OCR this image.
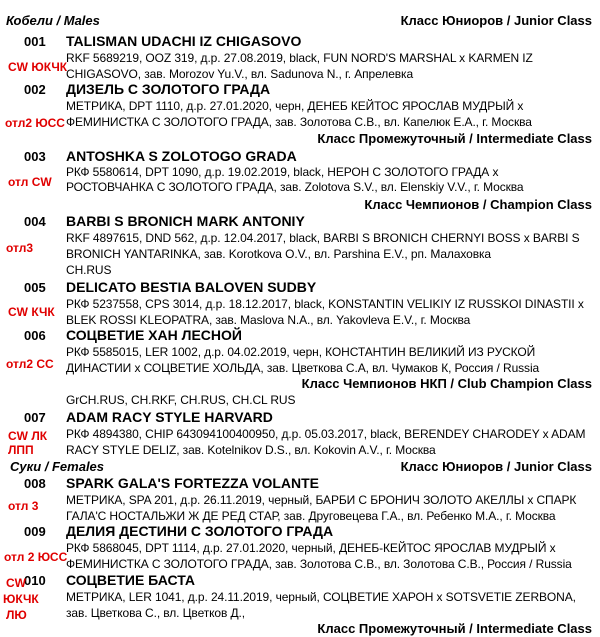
Кобели / Males	Класс Юниоров / Junior Class
001 TALISMAN UDACHI IZ CHIGASOVO
RKF 5689219, OOZ 319, д.р. 27.08.2019, black, FUN NORD'S MARSHAL x KARMEN IZ
CHIGASOVO, зав. Morozov Yu.V., вл. Sadunova N., г. Апрелевка
CW ЮКЧК
002 ДИЗЕЛЬ С ЗОЛОТОГО ГРАДА
МЕТРИКА, DPT 1110, д.р. 27.01.2020, черн, ДЕНЕБ КЕЙТОС ЯРОСЛАВ МУДРЫЙ x
ФЕМИНИСТКА С ЗОЛОТОГО ГРАДА, зав. Золотова С.В., вл. Капелюк Е.А., г. Москва
отл2 ЮСС
Класс Промежуточный / Intermediate Class
003 ANTOSHKA S ZOLOTOGO GRADA
РКФ 5580614, DPT 1090, д.р. 19.02.2019, black, НЕРОН С ЗОЛОТОГО ГРАДА x
РОСТОВЧАНКА С ЗОЛОТОГО ГРАДА, зав. Zolotova S.V., вл. Elenskiy V.V., г. Москва
отл CW
Класс Чемпионов / Champion Class
004 BARBI S BRONICH MARK ANTONIY
RKF 4897615, DND 562, д.р. 12.04.2017, black, BARBI S BRONICH CHERNYI BOSS x BARBI S
BRONICH YANTARINKA, зав. Korotkova O.V., вл. Parshina E.V., рп. Малаховка
CH.RUS
отл3
005 DELICATO BESTIA BALOVEN SUDBY
РКФ 5237558, CPS 3014, д.р. 18.12.2017, black, KONSTANTIN VELIKIY IZ RUSSKOI DINASTII x
BLEK ROSSI KLEOPATRA, зав. Maslova N.A., вл. Yakovleva E.V., г. Москва
CW КЧК
006 СОЦВЕТИЕ ХАН ЛЕСНОЙ
РКФ 5585015, LER 1002, д.р. 04.02.2019, черн, КОНСТАНТИН ВЕЛИКИЙ ИЗ РУСКОЙ
ДИНАСТИИ x СОЦВЕТИЕ ХОЛЬДА, зав. Цветкова С.А, вл. Чумаков К, Россия / Russia
отл2 СС
Класс Чемпионов НКП / Club Champion Class
GrCH.RUS, CH.RKF, CH.RUS, CH.CL RUS
007 ADAM RACY STYLE HARVARD
РКФ 4894380, CHIP 643094100400950, д.р. 05.03.2017, black, BERENDEY CHARODEY x ADAM
RACY STYLE DELIZ, зав. Kotelnikov D.S., вл. Kokovin A.V., г. Москва
CW ЛК
ЛПП
Суки / Females	Класс Юниоров / Junior Class
008 SPARK GALA'S FORTEZZA VOLANTE
МЕТРИКА, SPA 201, д.р. 26.11.2019, черный, БАРБИ С БРОНИЧ ЗОЛОТО АКЕЛЛЫ x СПАРК
ГАЛА'С НОСТАЛЬЖИ Ж ДЕ РЕД СТАР, зав. Друговецева Г.А., вл. Ребенко М.А., г. Москва
отл 3
009 ДЕЛИЯ ДЕСТИНИ С ЗОЛОТОГО ГРАДА
РКФ 5868045, DPT 1114, д.р. 27.01.2020, черный, ДЕНЕБ-КЕЙТОС ЯРОСЛАВ МУДРЫЙ x
ФЕМИНИСТКА С ЗОЛОТОГО ГРАДА, зав. Золотова С.В., вл. Золотова С.В., Россия / Russia
отл 2 ЮСС
010 СОЦВЕТИЕ БАСТА
МЕТРИКА, LER 1041, д.р. 24.11.2019, черный, СОЦВЕТИЕ ХАРОН x SOTSVETIE ZERBONA,
зав. Цветкова С., вл. Цветков Д.,
CW
ЮКЧК
ЛЮ
Класс Промежуточный / Intermediate Class
